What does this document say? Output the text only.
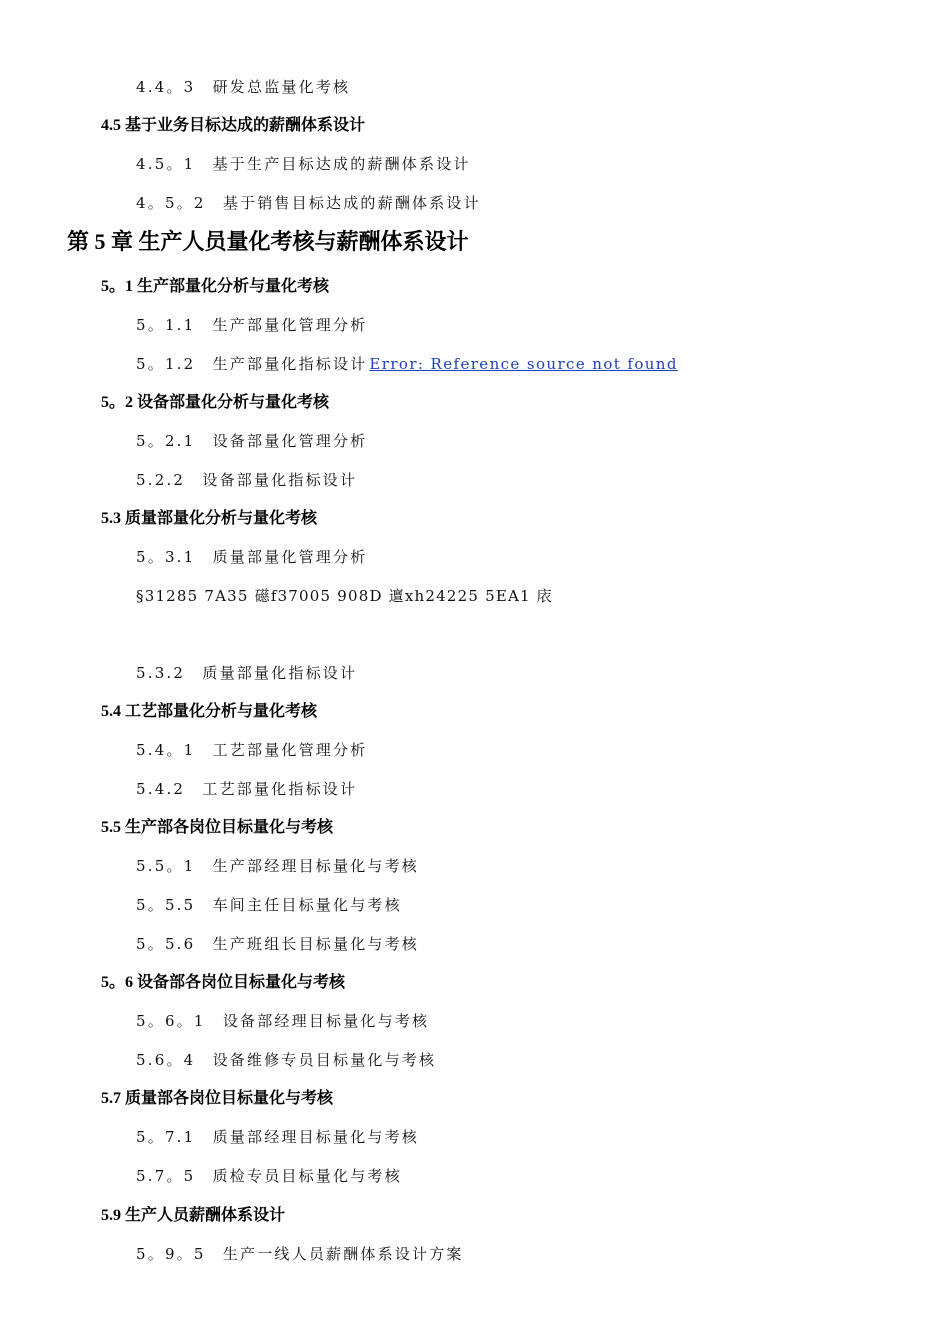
4.4。3　研发总监量化考核
4.5 基于业务目标达成的薪酬体系设计
4.5。1　基于生产目标达成的薪酬体系设计
4。5。2　基于销售目标达成的薪酬体系设计
第 5 章 生产人员量化考核与薪酬体系设计
5。1 生产部量化分析与量化考核
5。1.1　生产部量化管理分析
5。1.2　生产部量化指标设计 Error: Reference source not found
5。2 设备部量化分析与量化考核
5。2.1　设备部量化管理分析
5.2.2　设备部量化指标设计
5.3 质量部量化分析与量化考核
5。3.1　质量部量化管理分析
§31285 7A35 礠f37005 908D 邅xh24225 5EA1 庡
5.3.2　质量部量化指标设计
5.4 工艺部量化分析与量化考核
5.4。1　工艺部量化管理分析
5.4.2　工艺部量化指标设计
5.5 生产部各岗位目标量化与考核
5.5。1　生产部经理目标量化与考核
5。5.5　车间主任目标量化与考核
5。5.6　生产班组长目标量化与考核
5。6 设备部各岗位目标量化与考核
5。6。1　设备部经理目标量化与考核
5.6。4　设备维修专员目标量化与考核
5.7 质量部各岗位目标量化与考核
5。7.1　质量部经理目标量化与考核
5.7。5　质检专员目标量化与考核
5.9 生产人员薪酬体系设计
5。9。5　生产一线人员薪酬体系设计方案
